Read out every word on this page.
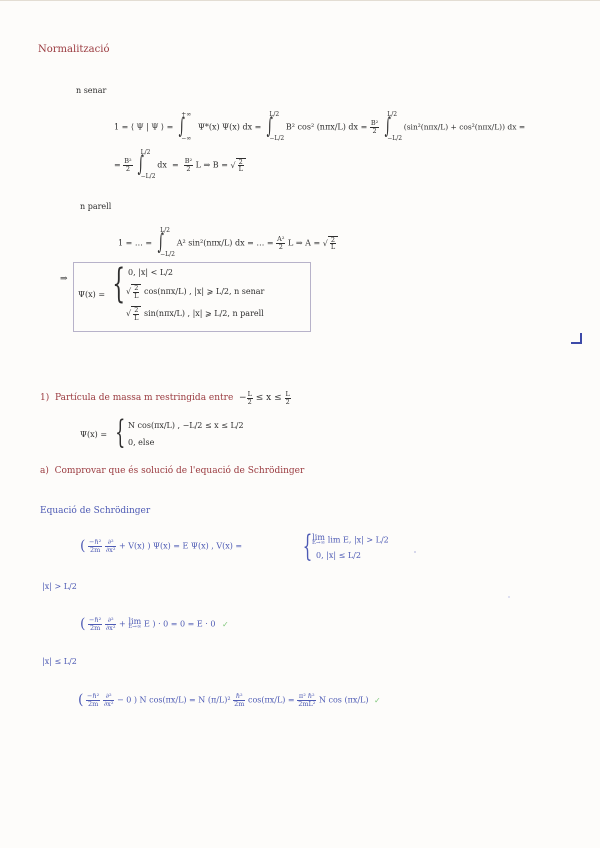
Normalització
n senar
1 = ⟨ Ψ | Ψ ⟩ = ∫
+∞
−∞
Ψ*(x) Ψ(x) dx = ∫
L/2
−L/2
B² cos² (nπx/L) dx = $\frac{\text{B²}}{2}$ ∫
L/2
−L/2
(sin²(nπx/L) + cos²(nπx/L)) dx =
= $\frac{\text{B²}}{2}$ ∫
L/2
−L/2
dx = $\frac{\text{B²}}{2}$ L ⇒ B = √ $\frac{2}{L}$
n parell
1 = … = ∫
L/2
−L/2
A² sin²(nπx/L) dx = … = $\frac{\text{A²}}{2}$ L ⇒ A = √ $\frac{2}{L}$
⇒
Ψ(x) = { 0, |x| < L/2
√ $\frac{2}{L} \cos(n\pi x/L)$ , |x| ⩾ L/2, n senar
√ $\frac{2}{L} \sin(n\pi x/L)$ , |x| ⩾ L/2, n parell
1) Partícula de massa m restringida entre − $\frac{L}{2} \le x \le \frac{L}{2}$
Ψ(x) = { N cos(πx/L) , −L/2 ≤ x ≤ L/2
0, else
a) Comprovar que és solució de l'equació de Schrödinger
Equació de Schrödinger
( $\frac{\text{−ℏ²}}{2m}$
$\frac{\text{∂²}}{\text{∂x²}} + V(x)$ ) Ψ(x) = E Ψ(x) , V(x) = { lim
E→∞ lim E, |x| > L/2
0, |x| ≤ L/2
|x| > L/2
( $\frac{\text{−ℏ²}}{2m}$
$\frac{\text{∂²}}{\text{∂x²}} + \lim$
E→∞ E ) · 0 = 0 = E · 0 ✓
|x| ≤ L/2
( $\frac{\text{−ℏ²}}{2m}$
$\frac{\text{∂²}}{\text{∂x²}} - 0$ ) N cos(πx/L) = N $(\pi/L)^2 \frac{\text{ℏ²}}{2m} \cos(\pi x/L) = \frac{\text{π² ℏ²}}{\text{2mL²}}$ N cos (πx/L) ✓
